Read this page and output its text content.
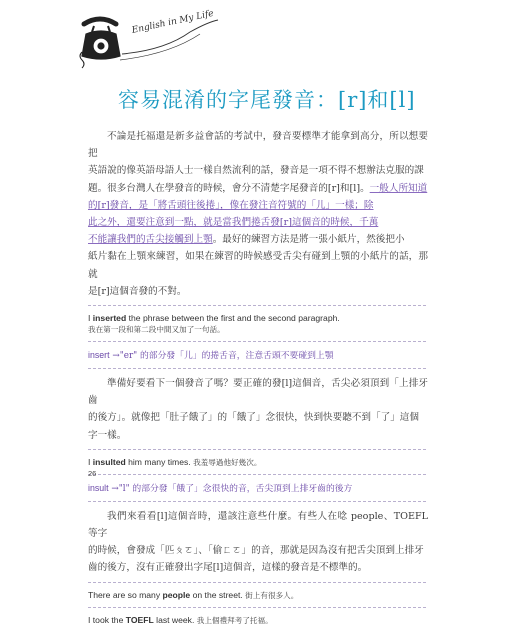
English in My Life
容易混淆的字尾發音：[r]和[l]
不論是托福還是新多益會話的考試中，發音要標準才能拿到高分，所以想要把
英語說的像英語母語人士一樣自然流利的話，發音是一項不得不想辦法克服的課
題。很多台灣人在學發音的時候，會分不清楚字尾發音的[r]和[l]。一般人所知道
的[r]發音，是「將舌頭往後捲」，像在發注音符號的「儿」一樣；除
此之外，還要注意到一點，就是當我們捲舌發[r]這個音的時候，千萬
不能讓我們的舌尖接觸到上顎。最好的練習方法是將一張小紙片，然後把小
紙片黏在上顎來練習，如果在練習的時候感受舌尖有碰到上顎的小紙片的話，那就
是[r]這個音發的不對。
I inserted the phrase between the first and the second paragraph.
我在第一段和第二段中間又加了一句話。
insert →"er" 的部分發「儿」的捲舌音，注意舌頭不要碰到上顎
準備好要看下一個發音了嗎？要正確的發[l]這個音，舌尖必須頂到「上排牙齒
的後方」。就像把「肚子餓了」的「餓了」念很快，快到快要聽不到「了」這個
字一樣。
I insulted him many times. 我羞辱過他好幾次。
insult →"l" 的部分發「餓了」念很快的音，舌尖頂到上排牙齒的後方
我們來看看[l]這個音時，還該注意些什麼。有些人在唸 people、TOEFL 等字
的時候，會發成「匹ㄆㄛ」、「偷ㄈㄛ」的音，那就是因為沒有把舌尖頂到上排牙
齒的後方，沒有正確發出字尾[l]這個音，這樣的發音是不標準的。
There are so many people on the street. 街上有很多人。
I took the TOEFL last week. 我上個禮拜考了托福。
26
